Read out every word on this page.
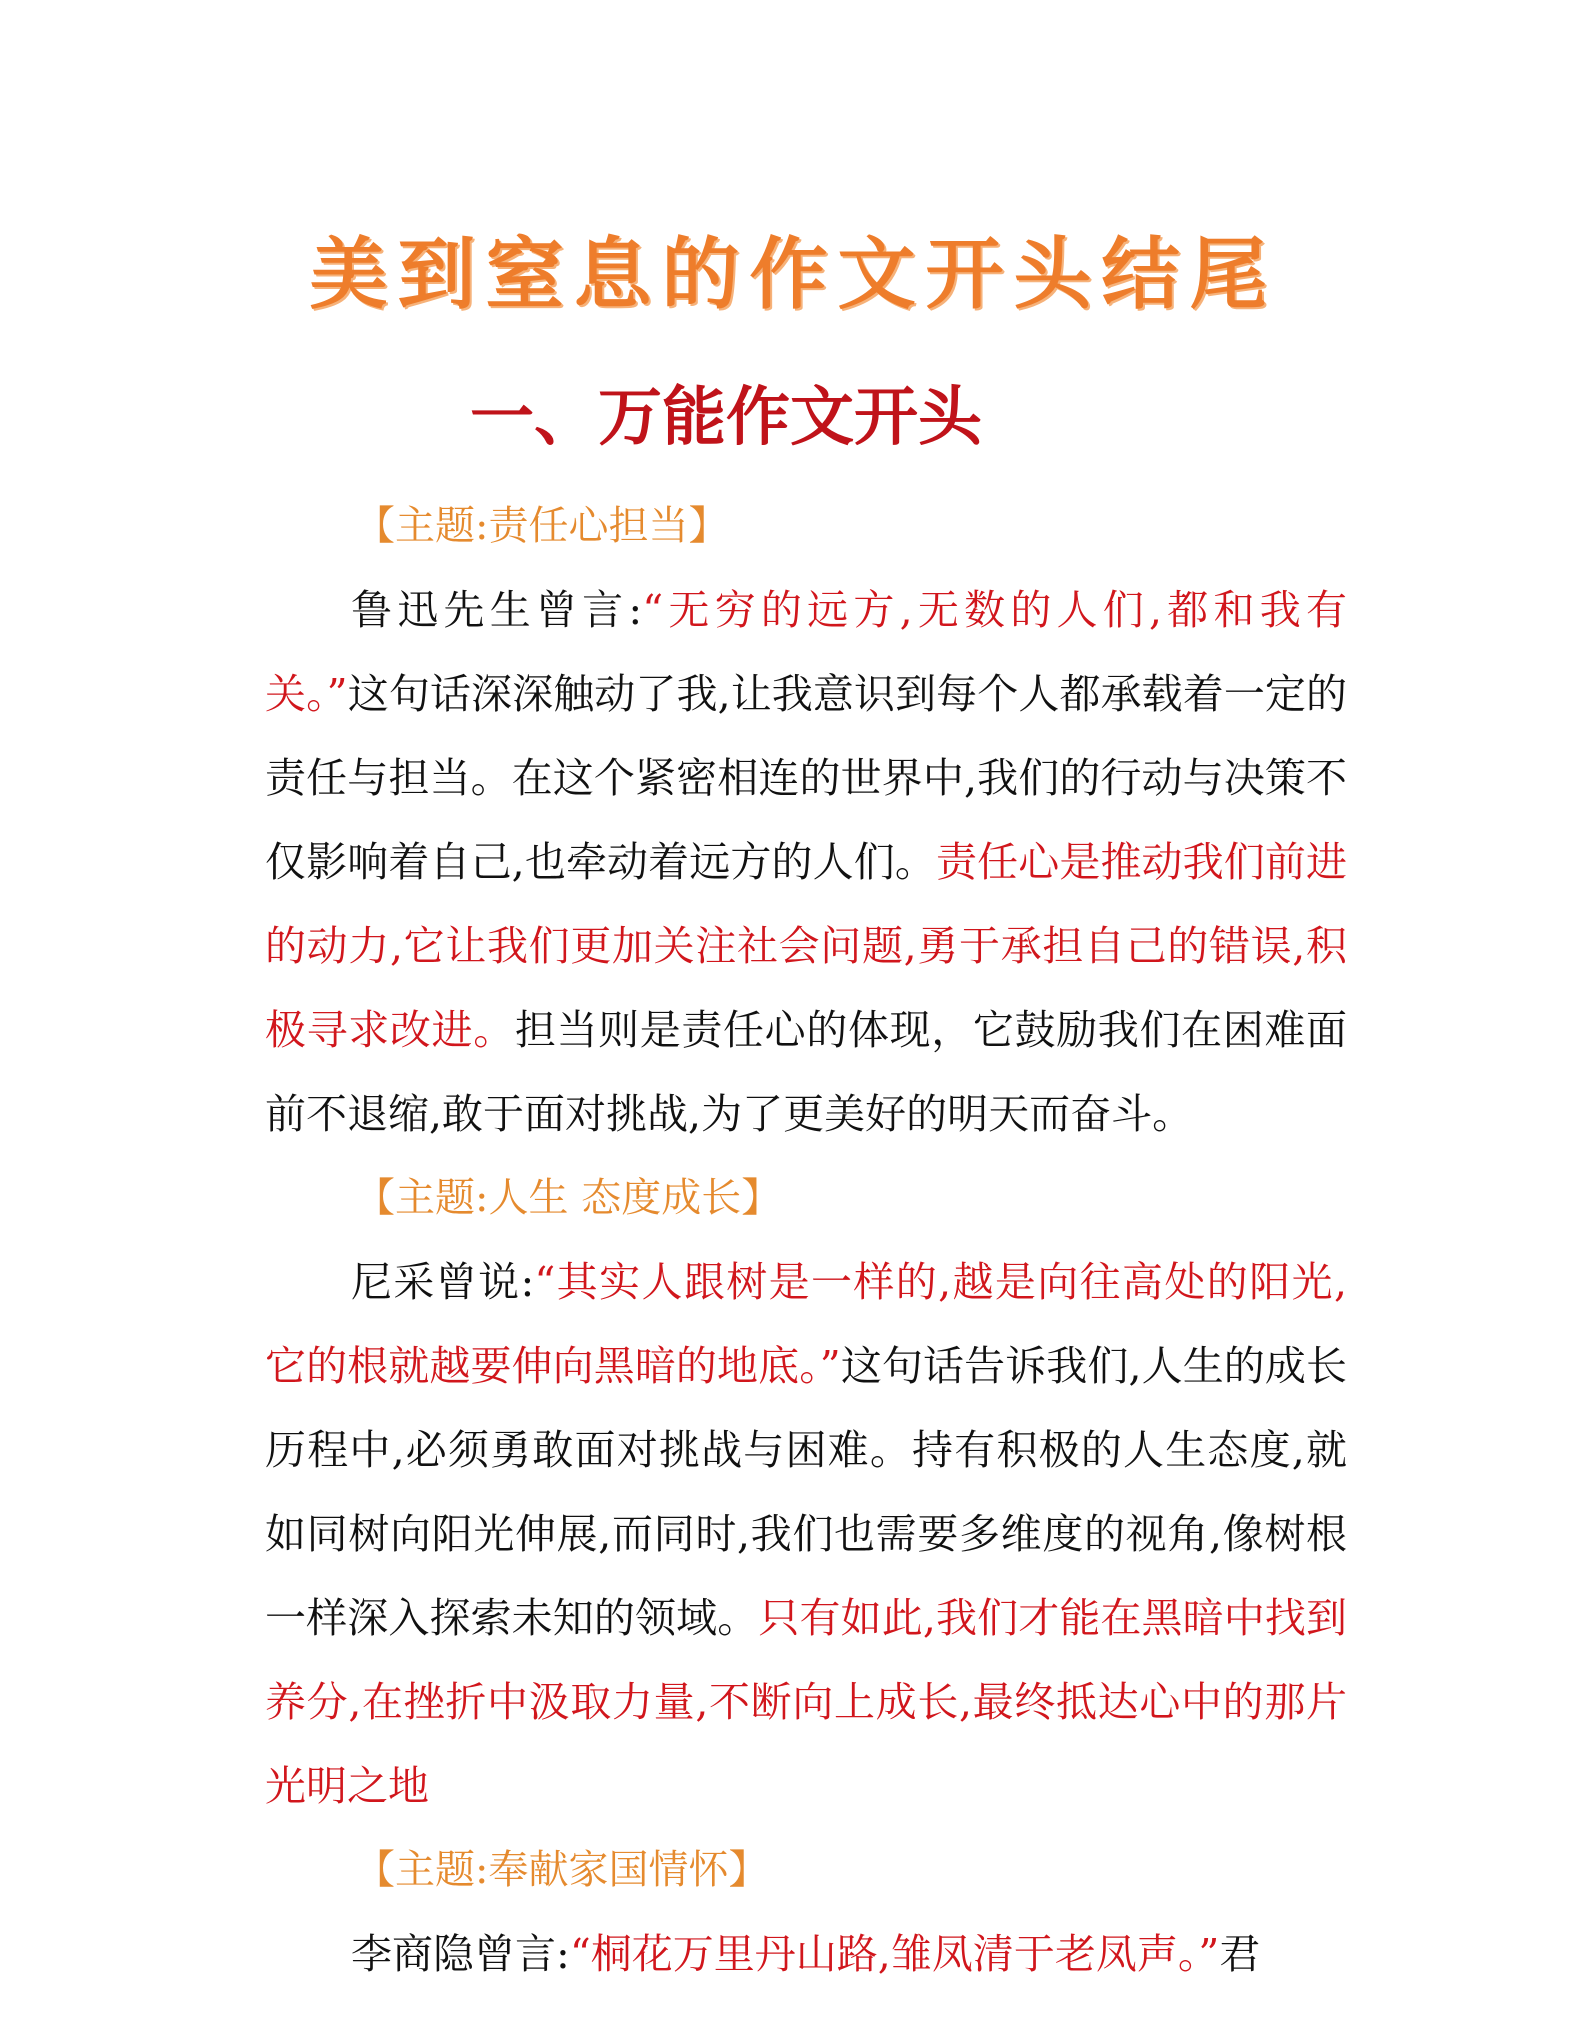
美到窒息的作文开头结尾
一、万能作文开头
【主题:责任心担当】

鲁迅先生曾言:“无穷的远方,无数的人们,都和我有关。”这句话深深触动了我,让我意识到每个人都承载着一定的责任与担当。在这个紧密相连的世界中,我们的行动与决策不仅影响着自己,也牵动着远方的人们。责任心是推动我们前进的动力,它让我们更加关注社会问题,勇于承担自己的错误,积极寻求改进。担当则是责任心的体现，它鼓励我们在困难面前不退缩,敢于面对挑战,为了更美好的明天而奋斗。

【主题:人生 态度成长】

尼采曾说:“其实人跟树是一样的,越是向往高处的阳光,它的根就越要伸向黑暗的地底。”这句话告诉我们,人生的成长历程中,必须勇敢面对挑战与困难。持有积极的人生态度,就如同树向阳光伸展,而同时,我们也需要多维度的视角,像树根一样深入探索未知的领域。只有如此,我们才能在黑暗中找到养分,在挫折中汲取力量,不断向上成长,最终抵达心中的那片光明之地

【主题:奉献家国情怀】
李商隐曾言:“桐花万里丹山路,雏凤清于老凤声。”君
